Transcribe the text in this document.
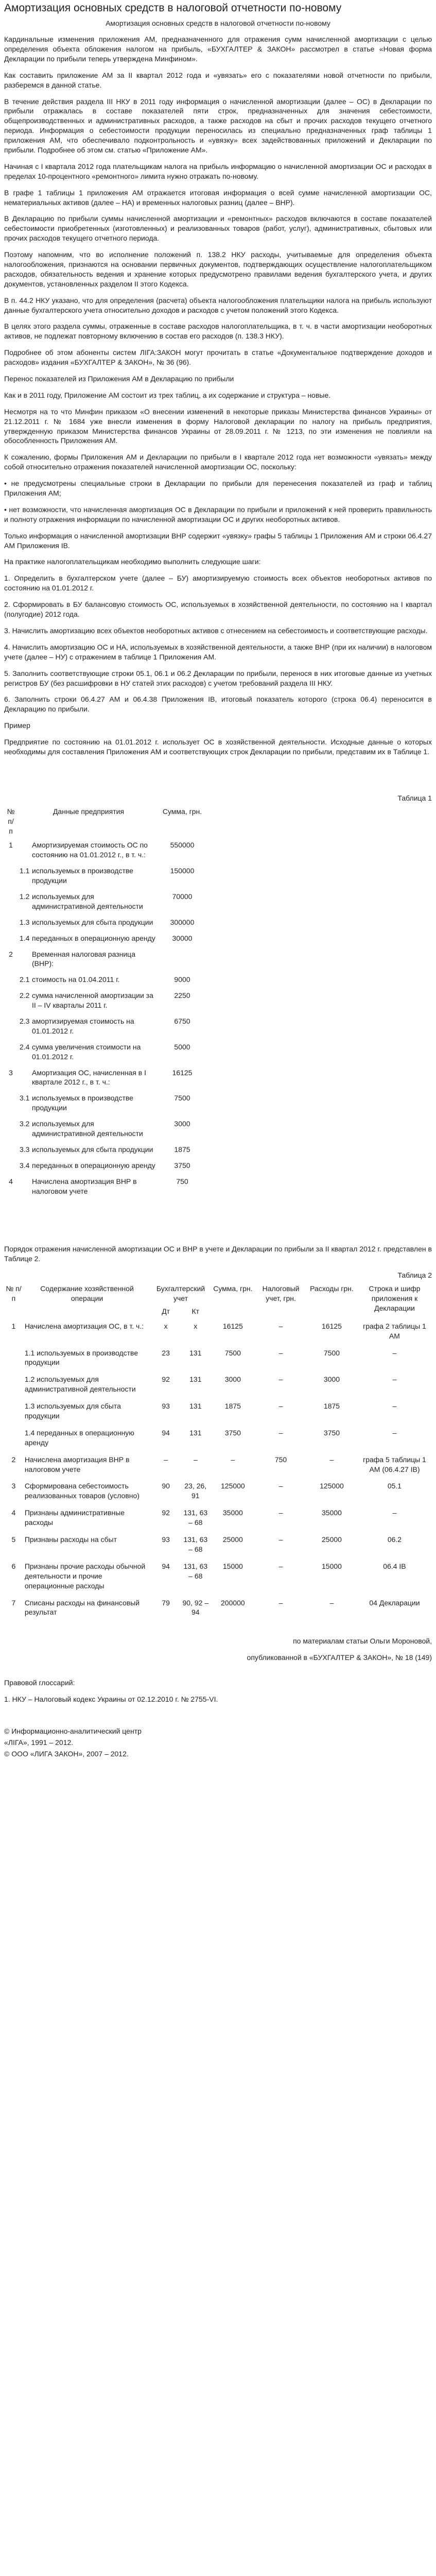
Амортизация основных средств в налоговой отчетности по-новому

Амортизация основных средств в налоговой отчетности по-новому

Кардинальные изменения приложения АМ, предназначенного для отражения сумм начисленной амортизации с целью определения объекта обложения налогом на прибыль, «БУХГАЛТЕР & ЗАКОН» рассмотрел в статье «Новая форма Декларации по прибыли теперь утверждена Минфином».

Как составить приложение АМ за II квартал 2012 года и «увязать» его с показателями новой отчетности по прибыли, разберемся в данной статье.

В течение действия раздела III НКУ в 2011 году информация о начисленной амортизации (далее – ОС) в Декларации по прибыли отражалась в составе показателей пяти строк, предназначенных для значения себестоимости, общепроизводственных и административных расходов, а также расходов на сбыт и прочих расходов текущего отчетного периода. Информация о себестоимости продукции переносилась из специально предназначенных граф таблицы 1 приложения АМ, что обеспечивало подконтрольность и «увязку» всех задействованных приложений и Декларации по прибыли. Подробнее об этом см. статью «Приложение АМ».

Начиная с I квартала 2012 года плательщикам налога на прибыль информацию о начисленной амортизации ОС и расходах в пределах 10-процентного «ремонтного» лимита нужно отражать по-новому.

В графе 1 таблицы 1 приложения АМ отражается итоговая информация о всей сумме начисленной амортизации ОС, нематериальных активов (далее – НА) и временных налоговых разниц (далее – ВНР).

В Декларацию по прибыли суммы начисленной амортизации и «ремонтных» расходов включаются в составе показателей себестоимости приобретенных (изготовленных) и реализованных товаров (работ, услуг), административных, сбытовых или прочих расходов текущего отчетного периода.

Поэтому напомним, что во исполнение положений п. 138.2 НКУ расходы, учитываемые для определения объекта налогообложения, признаются на основании первичных документов, подтверждающих осуществление налогоплательщиком расходов, обязательность ведения и хранение которых предусмотрено правилами ведения бухгалтерского учета, и других документов, установленных разделом II этого Кодекса.

В п. 44.2 НКУ указано, что для определения (расчета) объекта налогообложения плательщики налога на прибыль используют данные бухгалтерского учета относительно доходов и расходов с учетом положений этого Кодекса.

В целях этого раздела суммы, отраженные в составе расходов налогоплательщика, в т. ч. в части амортизации необоротных активов, не подлежат повторному включению в состав его расходов (п. 138.3 НКУ).

Подробнее об этом абоненты систем ЛІГА:ЗАКОН могут прочитать в статье «Документальное подтверждение доходов и расходов» издания «БУХГАЛТЕР & ЗАКОН», № 36 (96).

Перенос показателей из Приложения АМ в Декларацию по прибыли

Как и в 2011 году, Приложение АМ состоит из трех таблиц, а их содержание и структура – новые.

Несмотря на то что Минфин приказом «О внесении изменений в некоторые приказы Министерства финансов Украины» от 21.12.2011 г. № 1684 уже внесли изменения в форму Налоговой декларации по налогу на прибыль предприятия, утвержденную приказом Министерства финансов Украины от 28.09.2011 г. № 1213, по эти изменения не повлияли на обособленность Приложения АМ.

К сожалению, формы Приложения АМ и Декларации по прибыли в I квартале 2012 года нет возможности «увязать» между собой относительно отражения показателей начисленной амортизации ОС, поскольку:

• не предусмотрены специальные строки в Декларации по прибыли для перенесения показателей из граф и таблиц Приложения АМ;

• нет возможности, что начисленная амортизация ОС в Декларации по прибыли и приложений к ней проверить правильность и полноту отражения информации по начисленной амортизации ОС и других необоротных активов.

Только информация о начисленной амортизации ВНР содержит «увязку» графы 5 таблицы 1 Приложения АМ и строки 06.4.27 АМ Приложения IB.

На практике налогоплательщикам необходимо выполнить следующие шаги:

1. Определить в бухгалтерском учете (далее – БУ) амортизируемую стоимость всех объектов необоротных активов по состоянию на 01.01.2012 г.

2. Сформировать в БУ балансовую стоимость ОС, используемых в хозяйственной деятельности, по состоянию на I квартал (полугодие) 2012 года.

3. Начислить амортизацию всех объектов необоротных активов с отнесением на себестоимость и соответствующие расходы.

4. Начислить амортизацию ОС и НА, используемых в хозяйственной деятельности, а также ВНР (при их наличии) в налоговом учете (далее – НУ) с отражением в таблице 1 Приложения АМ.

5. Заполнить соответствующие строки 05.1, 06.1 и 06.2 Декларации по прибыли, перенося в них итоговые данные из учетных регистров БУ (без расшифровки в НУ статей этих расходов) с учетом требований раздела III НКУ.

6. Заполнить строки 06.4.27 АМ и 06.4.38 Приложения IB, итоговый показатель которого (строка 06.4) переносится в Декларацию по прибыли.

Пример

Предприятие по состоянию на 01.01.2012 г. использует ОС в хозяйственной деятельности. Исходные данные о которых необходимы для составления Приложения АМ и соответствующих строк Декларации по прибыли, представим их в Таблице 1.

Таблица 1
№ п/п	Данные предприятия	Сумма, грн.
1	Амортизируемая стоимость ОС по состоянию на 01.01.2012 г., в т. ч.:	550000

	1.1 используемых в производстве продукции	150000

	1.2 используемых для административной деятельности	70000

	1.3 используемых для сбыта продукции	300000

	1.4 переданных в операционную аренду	30000
2	Временная налоговая разница (ВНР):	

	2.1 стоимость на 01.04.2011 г.	9000

	2.2 сумма начисленной амортизации за II – IV кварталы 2011 г.	2250

	2.3 амортизируемая стоимость на 01.01.2012 г.	6750

	2.4 сумма увеличения стоимости на 01.01.2012 г.	5000
3	Амортизация ОС, начисленная в I квартале 2012 г., в т. ч.:	16125

	3.1 используемых в производстве продукции	7500

	3.2 используемых для административной деятельности	3000

	3.3 используемых для сбыта продукции	1875

	3.4 переданных в операционную аренду	3750
4	Начислена амортизация ВНР в налоговом учете	750

Порядок отражения начисленной амортизации ОС и ВНР в учете и Декларации по прибыли за II квартал 2012 г. представлен в Таблице 2.

Таблица 2
№ п/п	Содержание хозяйственной операции	Бухгалтерский учет		Сумма, грн.	Налоговый учет, грн.	Расходы грн.	Строка и шифр приложения к Декларации
		Дт	Кт				
1	Начислена амортизация ОС, в т. ч.:	х	х	16125	–	16125	графа 2 таблицы 1 АМ
	1.1 используемых в производстве продукции	23	131	7500	–	7500	–
	1.2 используемых для административной деятельности	92	131	3000	–	3000	–
	1.3 используемых для сбыта продукции	93	131	1875	–	1875	–
	1.4 переданных в операционную аренду	94	131	3750	–	3750	–
2	Начислена амортизация ВНР в налоговом учете	–	–	–	750	–	графа 5 таблицы 1 АМ (06.4.27 IB)
3	Сформирована себестоимость реализованных товаров (условно)	90	23, 26, 91	125000	–	125000	05.1
4	Признаны административные расходы	92	131, 63 – 68	35000	–	35000	–
5	Признаны расходы на сбыт	93	131, 63 – 68	25000	–	25000	06.2
6	Признаны прочие расходы обычной деятельности и прочие операционные расходы	94	131, 63 – 68	15000	–	15000	06.4 IB
7	Списаны расходы на финансовый результат	79	90, 92 – 94	200000	–	–	04 Декларации
по материалам статьи Ольги Мороновой,
опубликованной в «БУХГАЛТЕР & ЗАКОН», № 18 (149)

Правовой глоссарий:

1. НКУ – Налоговый кодекс Украины от 02.12.2010 г. № 2755-VI.

© Информационно-аналитический центр

«ЛІГА», 1991 – 2012.

© ООО «ЛИГА ЗАКОН», 2007 – 2012.
